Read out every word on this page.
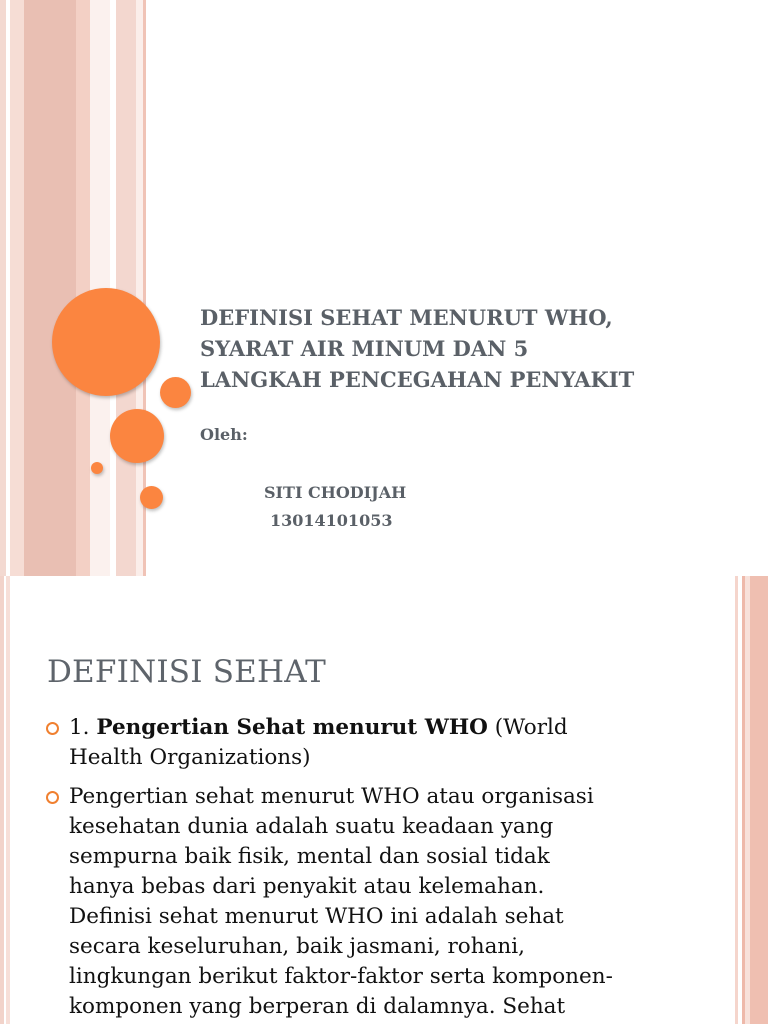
DEFINISI SEHAT MENURUT WHO,
SYARAT AIR MINUM DAN 5
LANGKAH PENCEGAHAN PENYAKIT
Oleh:
SITI CHODIJAH
13014101053
DEFINISI SEHAT
1. Pengertian Sehat menurut WHO (World
Health Organizations)
Pengertian sehat menurut WHO atau organisasi
kesehatan dunia adalah suatu keadaan yang
sempurna baik fisik, mental dan sosial tidak
hanya bebas dari penyakit atau kelemahan.
Definisi sehat menurut WHO ini adalah sehat
secara keseluruhan, baik jasmani, rohani,
lingkungan berikut faktor-faktor serta komponen-
komponen yang berperan di dalamnya. Sehat
